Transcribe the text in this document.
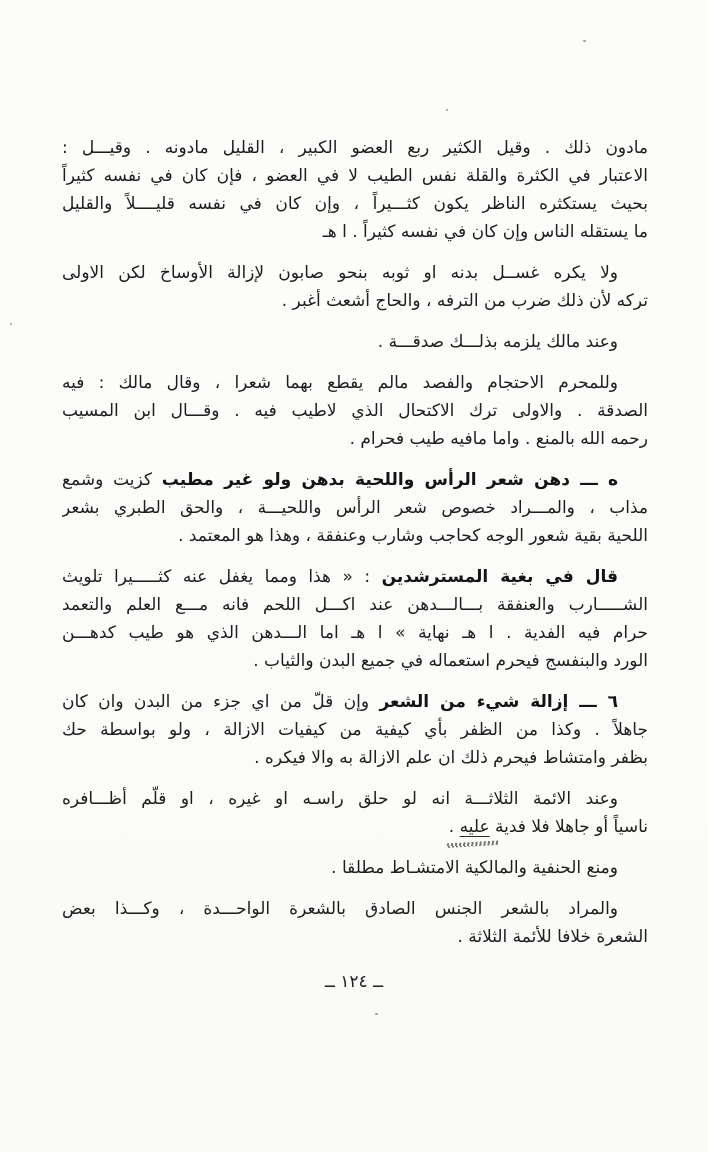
مادون ذلك . وقيل الكثير ربع العضو الكبير ، القليل مادونه . وقيـــل :
الاعتبار في الكثرة والقلة نفس الطيب لا في العضو ، فإن كان في نفسه كثيراً
بحيث يستكثره الناظر يكون كثـــيراً ، وإن كان في نفسه قليــــلاً والقليل
ما يستقله الناس وإن كان في نفسه كثيراً . ا هـ
ولا يكره غســل بدنه او ثوبه بنحو صابون لإزالة الأوساخ لكن الاولى
تركه لأن ذلك ضرب من الترفه ، والحاج أشعث أغبر .
وعند مالك يلزمه بذلـــك صدقـــة .
وللمحرم الاحتجام والفصد مالم يقطع بهما شعرا ، وقال مالك : فيه
الصدقة . والاولى ترك الاكتحال الذي لاطيب فيه . وقـــال ابن المسيب
رحمه الله بالمنع . واما مافيه طيب فحرام .
ه ـــ دهن شعر الرأس واللحية بدهن ولو غير مطيب كزيت وشمع
مذاب ، والمـــراد خصوص شعر الرأس واللحيـــة ، والحق الطبري بشعر
اللحية بقية شعور الوجه كحاجب وشارب وعنفقة ، وهذا هو المعتمد .
قال في بغية المسترشدين : « هذا ومما يغفل عنه كثـــــيرا تلويث
الشـــــارب والعنفقة بـــالـــدهن عند اكـــل اللحم فانه مـــع العلم والتعمد
حرام فيه الفدية . ا هـ نهاية » ا هـ اما الـــدهن الذي هو طيب كدهـــن
الورد والبنفسج فيحرم استعماله في جميع البدن والثياب .
٦ ـــ إزالة شيء من الشعر وإن قلّ من اي جزء من البدن وان كان
جاهلاً . وكذا من الظفر بأي كيفية من كيفيات الازالة ، ولو بواسطة حك
بظفر وامتشاط فيحرم ذلك ان علم الازالة به والا فيكره .
وعند الائمة الثلاثـــة انه لو حلق راسـه او غيره ، او قلّم أظـــافره
ناسياً أو جاهلا فلا فدية عليه .
ومنع الحنفية والمالكية الامتشـاط مطلقا .
والمراد بالشعر الجنس الصادق بالشعرة الواحـــدة ، وكـــذا بعض
الشعرة خلافا للأئمة الثلاثة .
ــ ١٢٤ ــ
